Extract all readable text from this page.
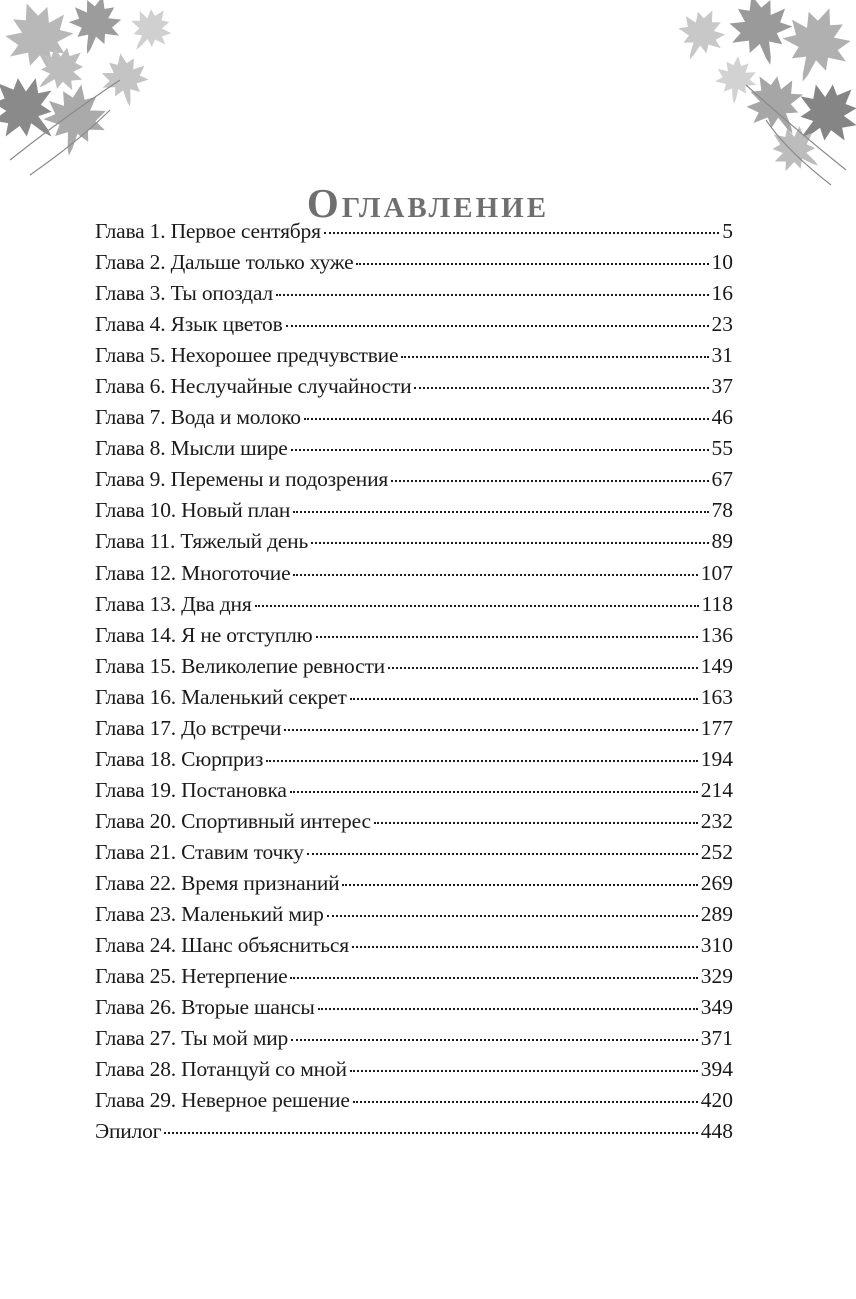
Оглавление
Глава 1. Первое сентября	5
Глава 2. Дальше только хуже	10
Глава 3. Ты опоздал	16
Глава 4. Язык цветов	23
Глава 5. Нехорошее предчувствие	31
Глава 6. Неслучайные случайности	37
Глава 7. Вода и молоко	46
Глава 8. Мысли шире	55
Глава 9. Перемены и подозрения	67
Глава 10. Новый план	78
Глава 11. Тяжелый день	89
Глава 12. Многоточие	107
Глава 13. Два дня	118
Глава 14. Я не отступлю	136
Глава 15. Великолепие ревности	149
Глава 16. Маленький секрет	163
Глава 17. До встречи	177
Глава 18. Сюрприз	194
Глава 19. Постановка	214
Глава 20. Спортивный интерес	232
Глава 21. Ставим точку	252
Глава 22. Время признаний	269
Глава 23. Маленький мир	289
Глава 24. Шанс объясниться	310
Глава 25. Нетерпение	329
Глава 26. Вторые шансы	349
Глава 27. Ты мой мир	371
Глава 28. Потанцуй со мной	394
Глава 29. Неверное решение	420
Эпилог	448
